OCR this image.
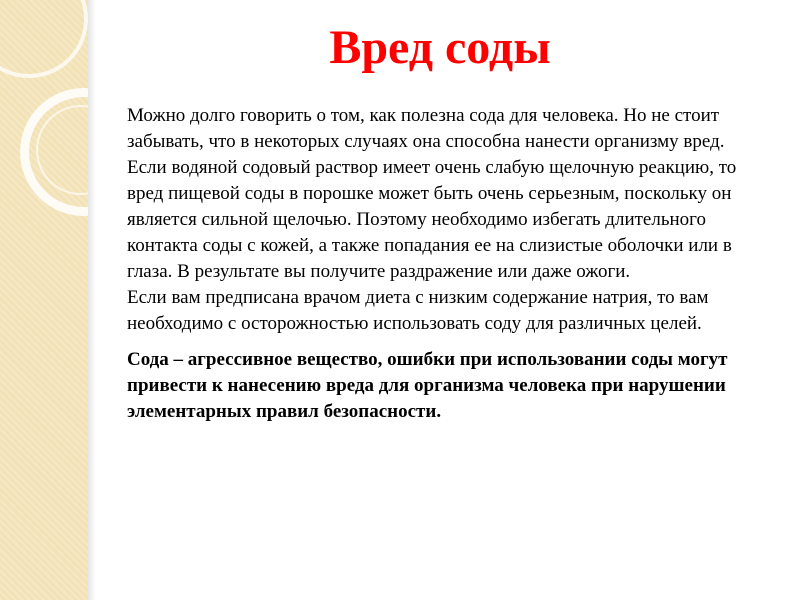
Вред соды

Можно долго говорить о том, как полезна сода для человека. Но не стоит забывать, что в некоторых случаях она способна нанести организму вред.

Если водяной содовый раствор имеет очень слабую щелочную реакцию, то вред пищевой соды в порошке может быть очень серьезным, поскольку он является сильной щелочью. Поэтому необходимо избегать длительного контакта соды с кожей, а также попадания ее на слизистые оболочки или в глаза. В результате вы получите раздражение или даже ожоги.

Если вам предписана врачом диета с низким содержание натрия, то вам необходимо с осторожностью использовать соду для различных целей.

Сода – агрессивное вещество, ошибки при использовании соды могут привести к нанесению вреда для организма человека при нарушении элементарных правил безопасности.
